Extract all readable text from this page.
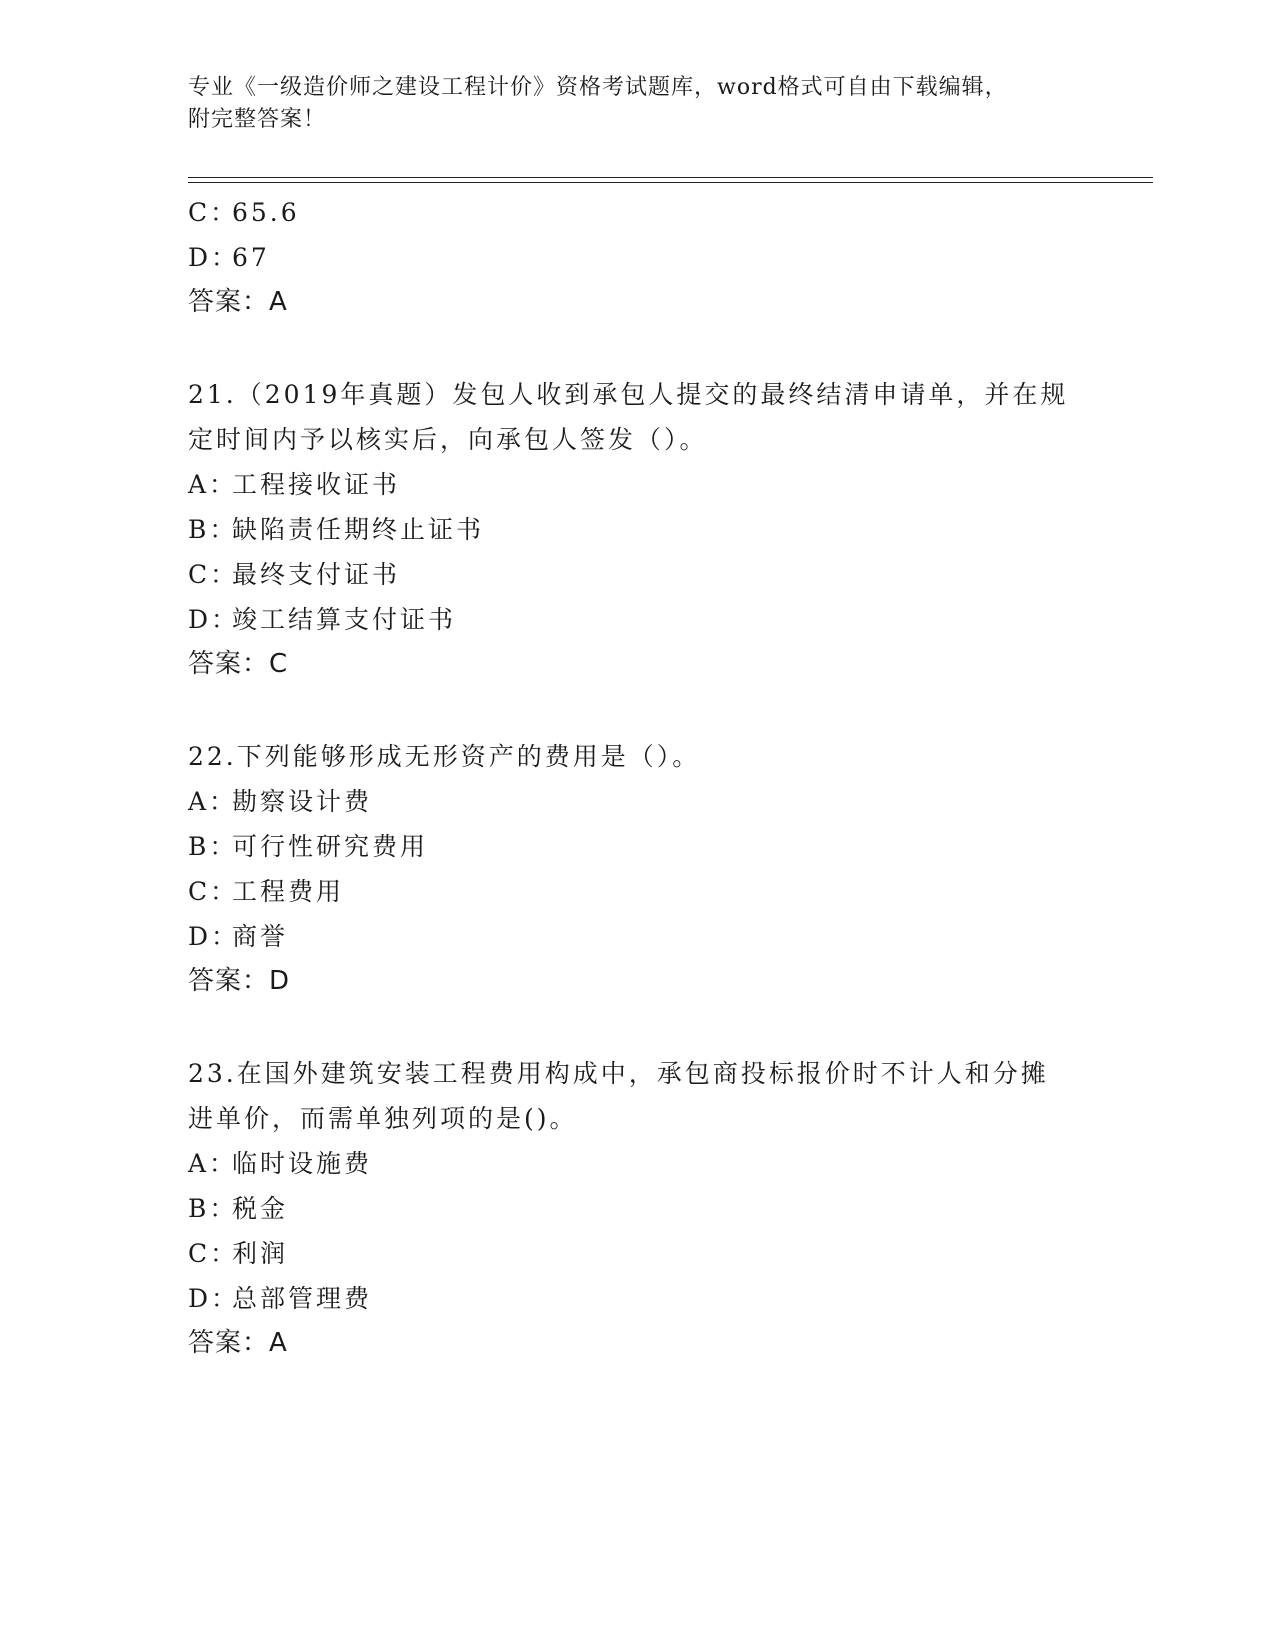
专业《一级造价师之建设工程计价》资格考试题库，word格式可自由下载编辑，
附完整答案！
C：65.6
D：67
答案：A
21.（2019年真题）发包人收到承包人提交的最终结清申请单，并在规
定时间内予以核实后，向承包人签发（）。
A：工程接收证书
B：缺陷责任期终止证书
C：最终支付证书
D：竣工结算支付证书
答案：C
22.下列能够形成无形资产的费用是（）。
A：勘察设计费
B：可行性研究费用
C：工程费用
D：商誉
答案：D
23.在国外建筑安装工程费用构成中，承包商投标报价时不计人和分摊
进单价，而需单独列项的是()。
A：临时设施费
B：税金
C：利润
D：总部管理费
答案：A
